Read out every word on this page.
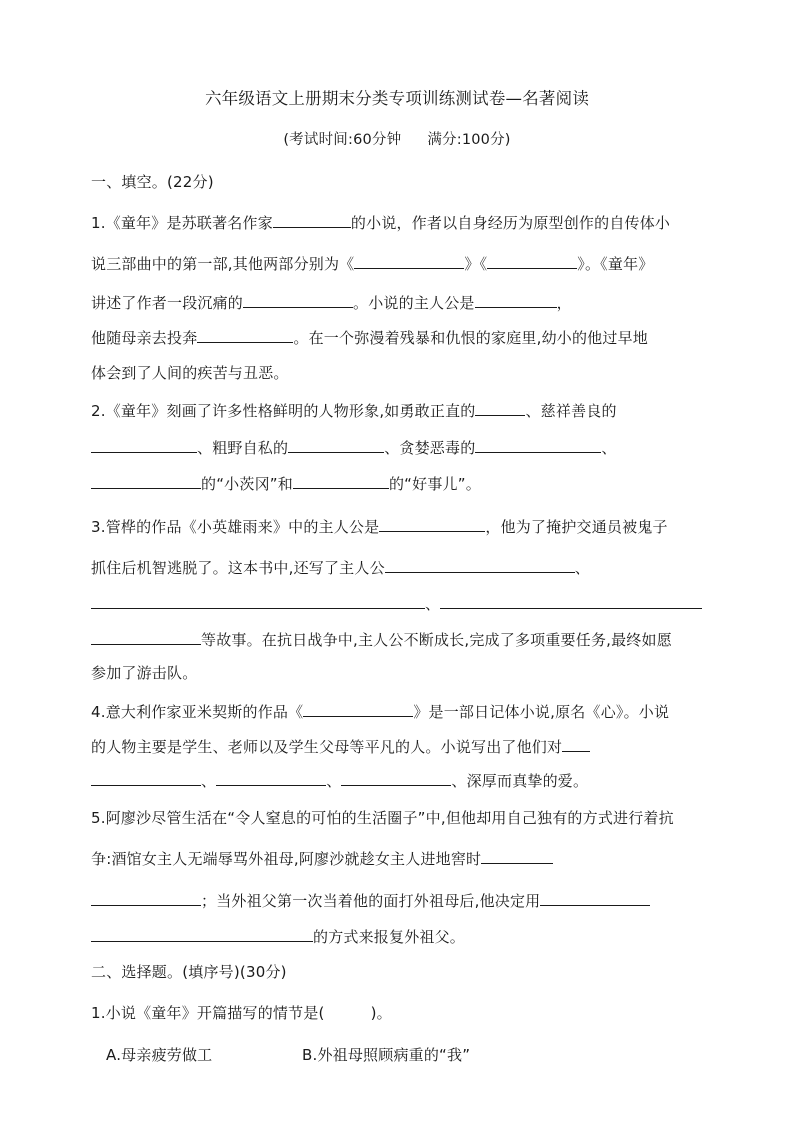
六年级语文上册期末分类专项训练测试卷—名著阅读
(考试时间:60分钟 满分:100分)
一、填空。(22分)
1.《童年》是苏联著名作家	的小说，作者以自身经历为原型创作的自传体小
说三部曲中的第一部,其他两部分别为《	》《	》。《童年》
讲述了作者一段沉痛的	。小说的主人公是	，
他随母亲去投奔	。在一个弥漫着残暴和仇恨的家庭里,幼小的他过早地
体会到了人间的疾苦与丑恶。
2.《童年》刻画了许多性格鲜明的人物形象,如勇敢正直的	、慈祥善良的
、粗野自私的	、贪婪恶毒的	、
的“小茨冈”和	的“好事儿”。
3.管桦的作品《小英雄雨来》中的主人公是	，他为了掩护交通员被鬼子
抓住后机智逃脱了。这本书中,还写了主人公	、
、
等故事。在抗日战争中,主人公不断成长,完成了多项重要任务,最终如愿
参加了游击队。
4.意大利作家亚米契斯的作品《	》是一部日记体小说,原名《心》。小说
的人物主要是学生、老师以及学生父母等平凡的人。小说写出了他们对
、	、	、深厚而真挚的爱。
5.阿廖沙尽管生活在“令人窒息的可怕的生活圈子”中,但他却用自己独有的方式进行着抗
争:酒馆女主人无端辱骂外祖母,阿廖沙就趁女主人进地窖时
；当外祖父第一次当着他的面打外祖母后,他决定用
的方式来报复外祖父。
二、选择题。(填序号)(30分)
1.小说《童年》开篇描写的情节是(	)。
A.母亲疲劳做工	B.外祖母照顾病重的“我”
